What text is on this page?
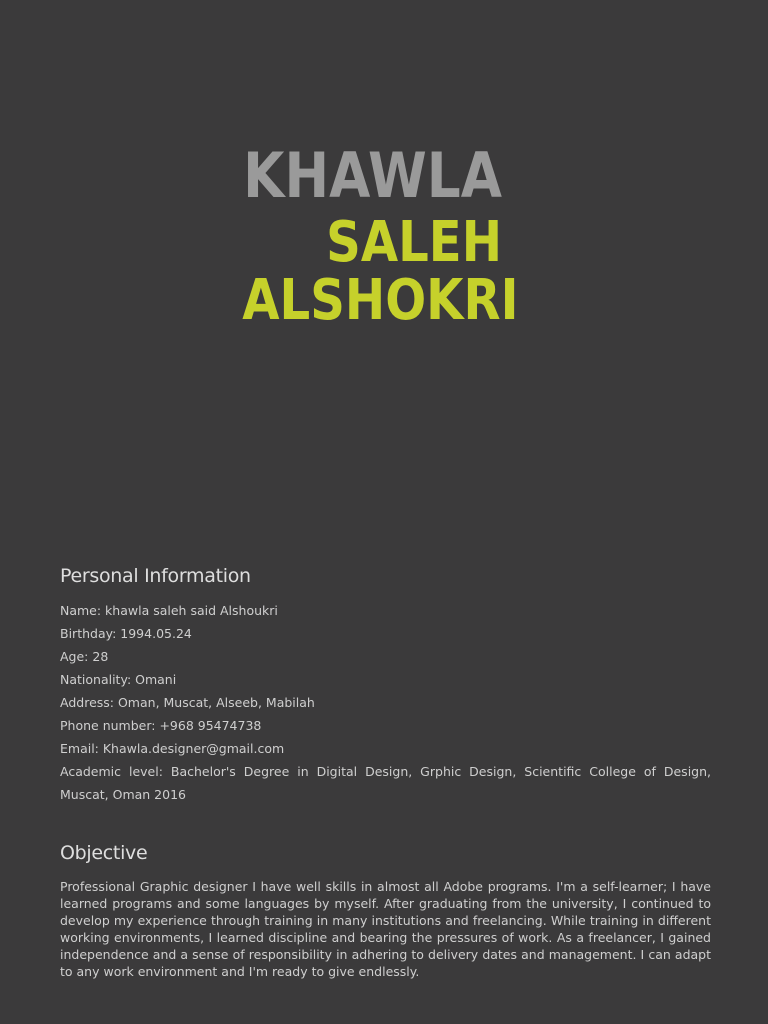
KHAWLA
SALEH
ALSHOKRI
Personal Information
Name: khawla saleh said Alshoukri
Birthday: 1994.05.24
Age: 28
Nationality: Omani
Address: Oman, Muscat, Alseeb, Mabilah
Phone number: +968 95474738
Email: Khawla.designer@gmail.com
Academic level: Bachelor's Degree in Digital Design, Grphic Design, Scientific College of Design, Muscat, Oman 2016
Objective

Professional Graphic designer I have well skills in almost all Adobe programs. I'm a self-learner; I have learned programs and some languages by myself. After graduating from the university, I continued to develop my experience through training in many institutions and freelancing. While training in different working environments, I learned discipline and bearing the pressures of work. As a freelancer, I gained independence and a sense of responsibility in adhering to delivery dates and management. I can adapt to any work environment and I'm ready to give endlessly.
